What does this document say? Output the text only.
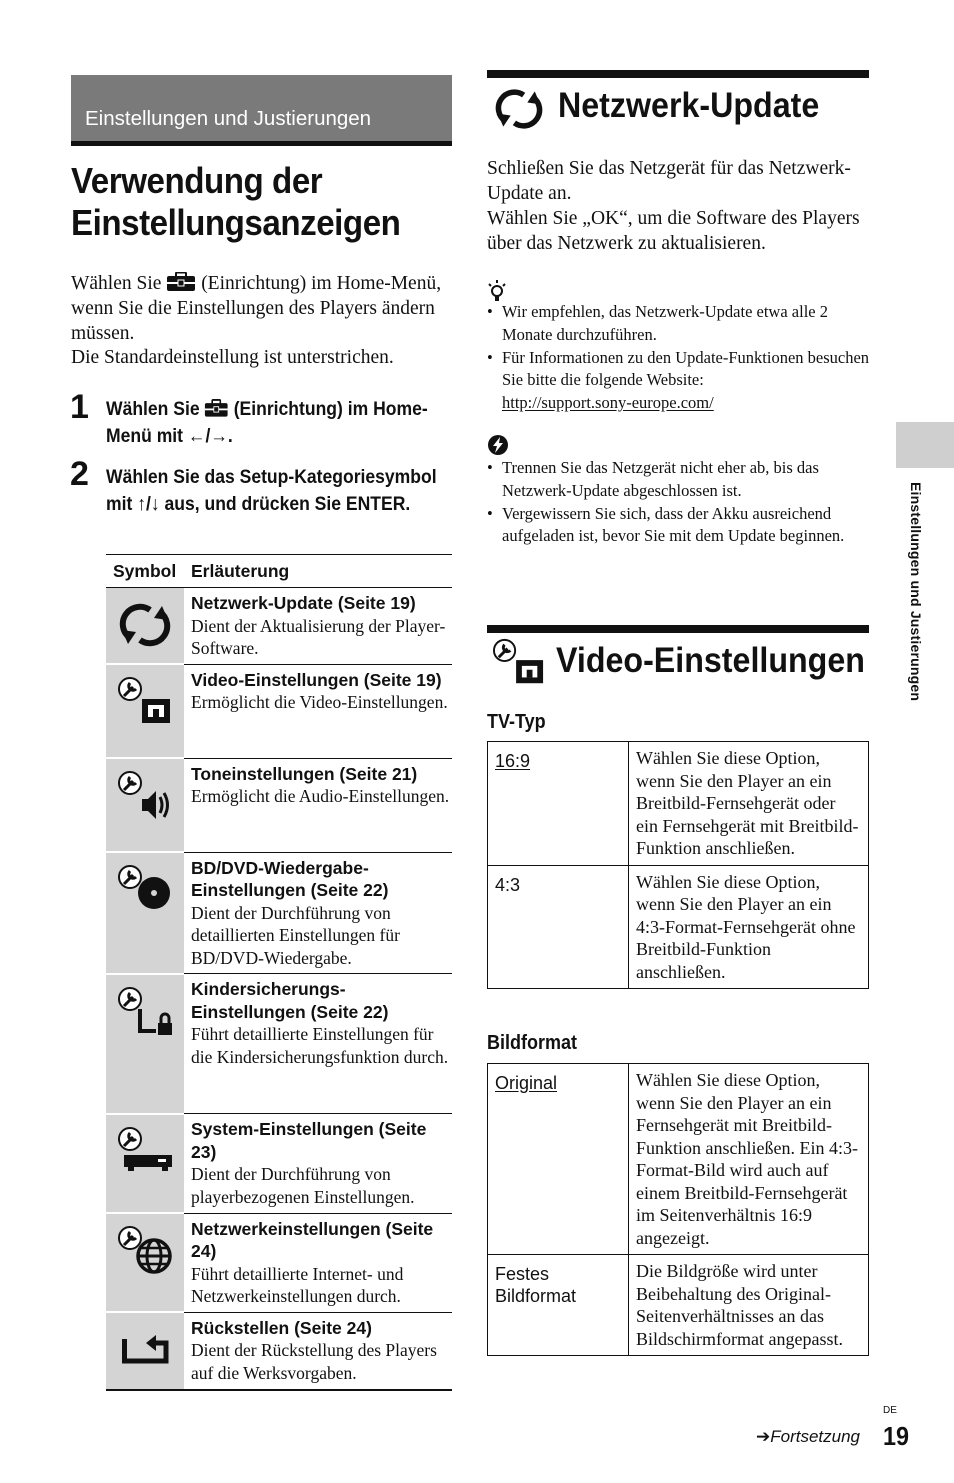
Einstellungen und Justierungen
Verwendung der
Einstellungsanzeigen
Wählen Sie (Einrichtung) im Home-Menü, wenn Sie die Einstellungen des Players ändern müssen.
Die Standardeinstellung ist unterstrichen.
1 Wählen Sie (Einrichtung) im Home-Menü mit ←/→.
2 Wählen Sie das Setup-Kategoriesymbol mit ↑/↓ aus, und drücken Sie ENTER.
Symbol	Erläuterung

Netzwerk-Update (Seite 19)
Dient der Aktualisierung der Player-Software.

Video-Einstellungen (Seite 19)
Ermöglicht die Video-Einstellungen.

Toneinstellungen (Seite 21)
Ermöglicht die Audio-Einstellungen.

BD/DVD-Wiedergabe-Einstellungen (Seite 22)
Dient der Durchführung von detaillierten Einstellungen für BD/DVD-Wiedergabe.

Kindersicherungs-Einstellungen (Seite 22)
Führt detaillierte Einstellungen für die Kindersicherungsfunktion durch.

System-Einstellungen (Seite 23)
Dient der Durchführung von playerbezogenen Einstellungen.

Netzwerkeinstellungen (Seite 24)
Führt detaillierte Internet- und Netzwerkeinstellungen durch.

Rückstellen (Seite 24)
Dient der Rückstellung des Players auf die Werksvorgaben.
Netzwerk-Update
Schließen Sie das Netzgerät für das Netzwerk-Update an.
Wählen Sie „OK“, um die Software des Players über das Netzwerk zu aktualisieren.
• Wir empfehlen, das Netzwerk-Update etwa alle 2 Monate durchzuführen.
• Für Informationen zu den Update-Funktionen besuchen Sie bitte die folgende Website:
http://support.sony-europe.com/
• Trennen Sie das Netzgerät nicht eher ab, bis das Netzwerk-Update abgeschlossen ist.
• Vergewissern Sie sich, dass der Akku ausreichend aufgeladen ist, bevor Sie mit dem Update beginnen.
Video-Einstellungen
TV-Typ
16:9	Wählen Sie diese Option, wenn Sie den Player an ein Breitbild-Fernsehgerät oder ein Fernsehgerät mit Breitbild-Funktion anschließen.
4:3	Wählen Sie diese Option, wenn Sie den Player an ein 4:3-Format-Fernsehgerät ohne Breitbild-Funktion anschließen.
Bildformat
Original	Wählen Sie diese Option, wenn Sie den Player an ein Fernsehgerät mit Breitbild-Funktion anschließen. Ein 4:3-Format-Bild wird auch auf einem Breitbild-Fernsehgerät im Seitenverhältnis 16:9 angezeigt.
Festes Bildformat	Die Bildgröße wird unter Beibehaltung des Original-Seitenverhältnisses an das Bildschirmformat angepasst.
Einstellungen und Justierungen
DE
➔Fortsetzung 19
